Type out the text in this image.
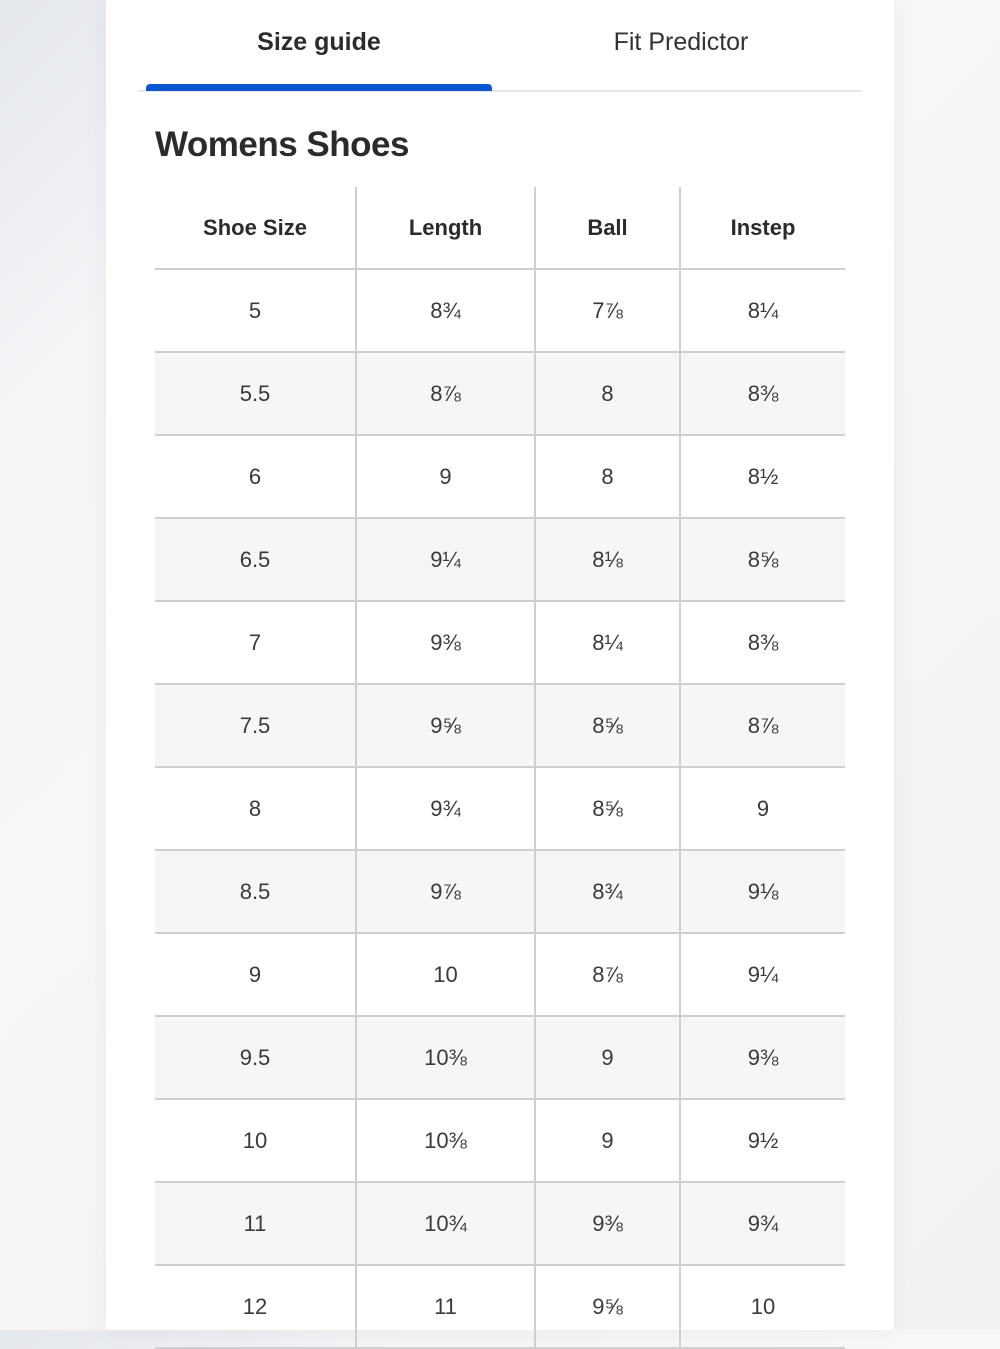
Size guide	Fit Predictor
Womens Shoes
Shoe Size	Length	Ball	Instep
5	8¾	7⅞	8¼
5.5	8⅞	8	8⅜
6	9	8	8½
6.5	9¼	8⅛	8⅝
7	9⅜	8¼	8⅜
7.5	9⅝	8⅝	8⅞
8	9¾	8⅝	9
8.5	9⅞	8¾	9⅛
9	10	8⅞	9¼
9.5	10⅜	9	9⅜
10	10⅜	9	9½
11	10¾	9⅜	9¾
12	11	9⅝	10
